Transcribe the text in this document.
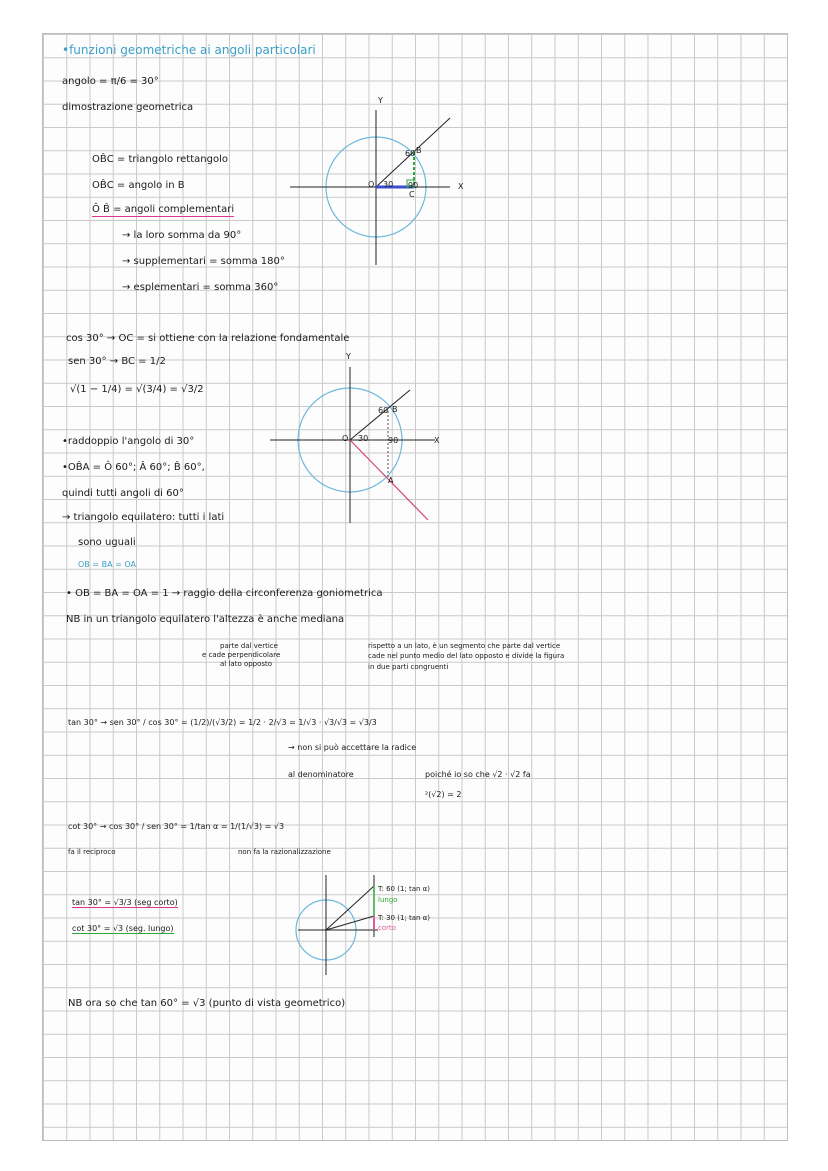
•funzioni geometriche ai angoli particolari
angolo = π/6 = 30°
dimostrazione geometrica
OB̂C = triangolo rettangolo
OB̂C = angolo in B
Ô B̂ = angoli complementari
→ la loro somma da 90°
→ supplementari = somma 180°
→ esplementari = somma 360°
Y
X
O
B
C
30
60
90
cos 30° → OC = si ottiene con la relazione fondamentale
sen 30° → BC = 1/2
√(1 − 1/4) = √(3/4) = √3/2
•raddoppio l'angolo di 30°
•OB̂A = Ô 60°; Â 60°; B̂ 60°,
quindi tutti angoli di 60°
→ triangolo equilatero: tutti i lati
sono uguali
OB = BA = OA
Y
X
O
B
A
30
60
90
• OB = BA = OA = 1 → raggio della circonferenza goniometrica
NB in un triangolo equilatero l'altezza è anche mediana
parte dal vertice
e cade perpendicolare
al lato opposto
rispetto a un lato, è un segmento che parte dal vertice
cade nel punto medio del lato opposto e divide la figura
in due parti congruenti
tan 30° → sen 30° / cos 30° = (1/2)/(√3/2) = 1/2 · 2/√3 = 1/√3 · √3/√3 = √3/3
→ non si può accettare la radice
al denominatore	poiché io so che √2 · √2 fa
²(√2) = 2
cot 30° → cos 30° / sen 30° = 1/tan α = 1/(1/√3) = √3
fa il reciproco	non fa la razionalizzazione
tan 30° = √3/3 (seg corto)
cot 30° = √3 (seg. lungo)
T: 60 (1; tan α)
lungo
T: 30 (1; tan α)
corto
NB ora so che tan 60° = √3 (punto di vista geometrico)
